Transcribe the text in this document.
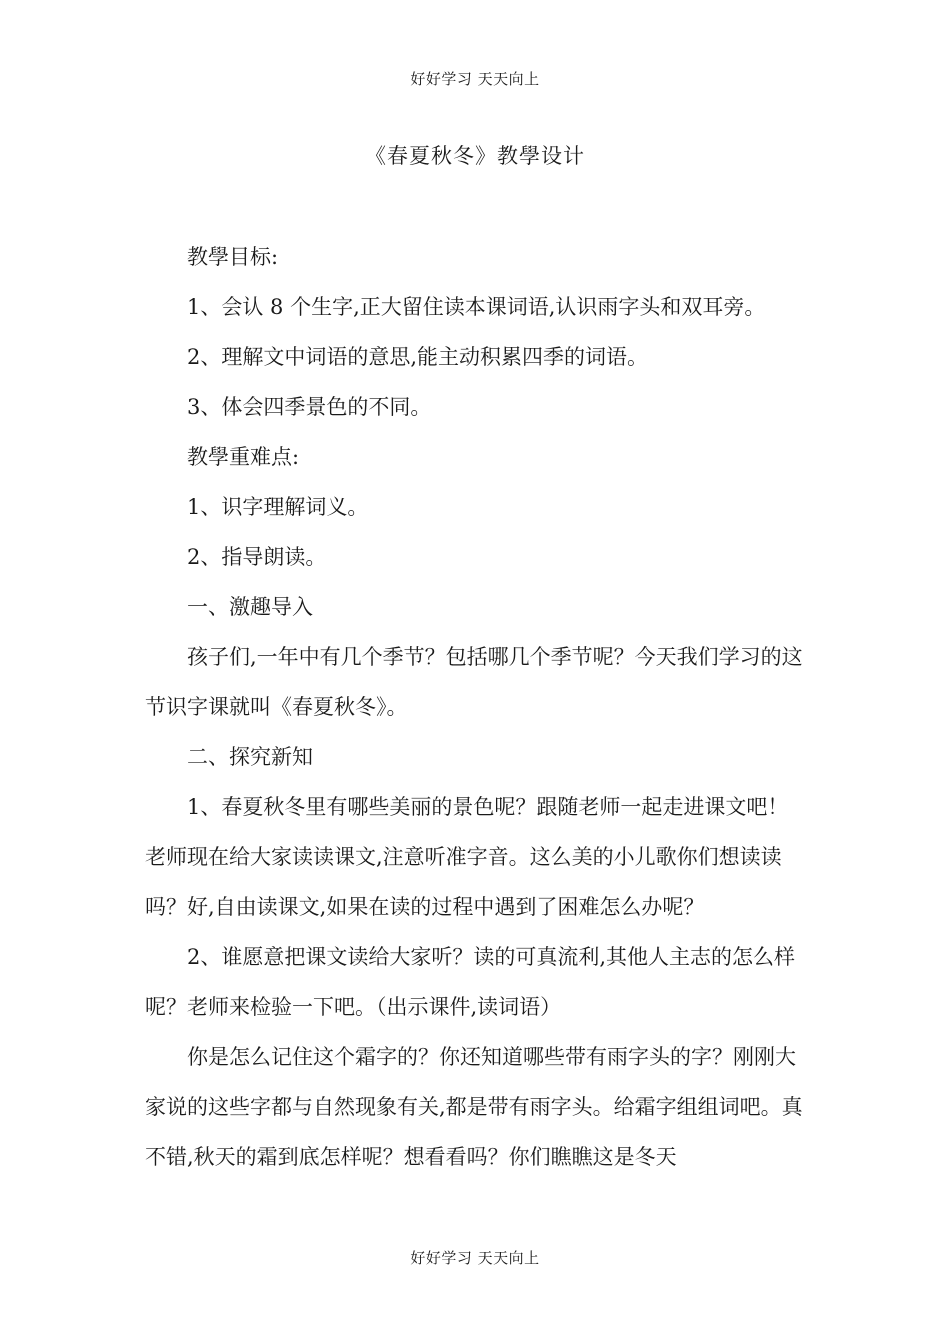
好好学习 天天向上
《春夏秋冬》教學设计

教學目标:

1、会认 8 个生字,正大留住读本课词语,认识雨字头和双耳旁。

2、理解文中词语的意思,能主动积累四季的词语。

3、体会四季景色的不同。

教學重难点:

1、识字理解词义。

2、指导朗读。

一、激趣导入

孩子们,一年中有几个季节？包括哪几个季节呢？今天我们学习的这节识字课就叫《春夏秋冬》。

二、探究新知

1、春夏秋冬里有哪些美丽的景色呢？跟随老师一起走进课文吧！

老师现在给大家读读课文,注意听准字音。这么美的小儿歌你们想读读吗？好,自由读课文,如果在读的过程中遇到了困难怎么办呢？

2、谁愿意把课文读给大家听？读的可真流利,其他人主志的怎么样呢？老师来检验一下吧。（出示课件,读词语）

你是怎么记住这个霜字的？你还知道哪些带有雨字头的字？刚刚大家说的这些字都与自然现象有关,都是带有雨字头。给霜字组组词吧。真不错,秋天的霜到底怎样呢？想看看吗？你们瞧瞧这是冬天

好好学习 天天向上
